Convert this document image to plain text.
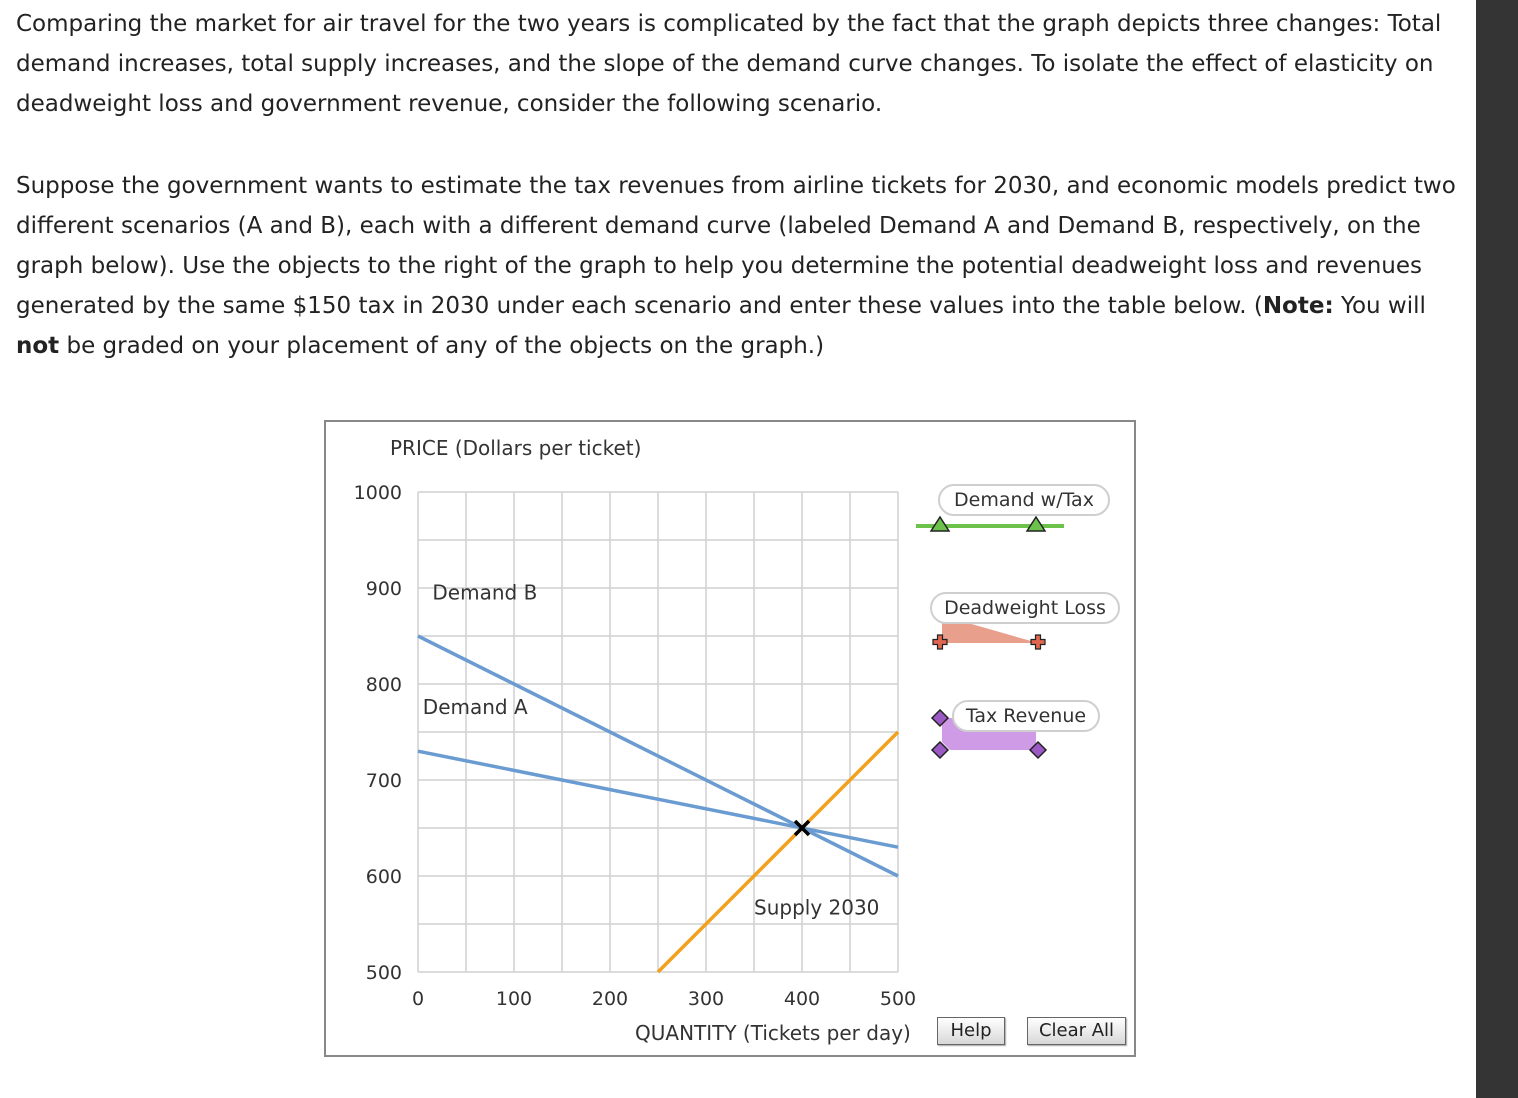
Comparing the market for air travel for the two years is complicated by the fact that the graph depicts three changes: Total demand increases, total supply increases, and the slope of the demand curve changes. To isolate the effect of elasticity on deadweight loss and government revenue, consider the following scenario.

Suppose the government wants to estimate the tax revenues from airline tickets for 2030, and economic models predict two different scenarios (A and B), each with a different demand curve (labeled Demand A and Demand B, respectively, on the graph below). Use the objects to the right of the graph to help you determine the potential deadweight loss and revenues generated by the same $150 tax in 2030 under each scenario and enter these values into the table below. (Note: You will not be graded on your placement of any of the objects on the graph.)

0	100	200	300	400	500
500
600
700
800
900
1000
PRICE (Dollars per ticket)
QUANTITY (Tickets per day)
Demand B
Demand A
Supply 2030
Demand w/Tax
Deadweight Loss
Tax Revenue
Help	Clear All
